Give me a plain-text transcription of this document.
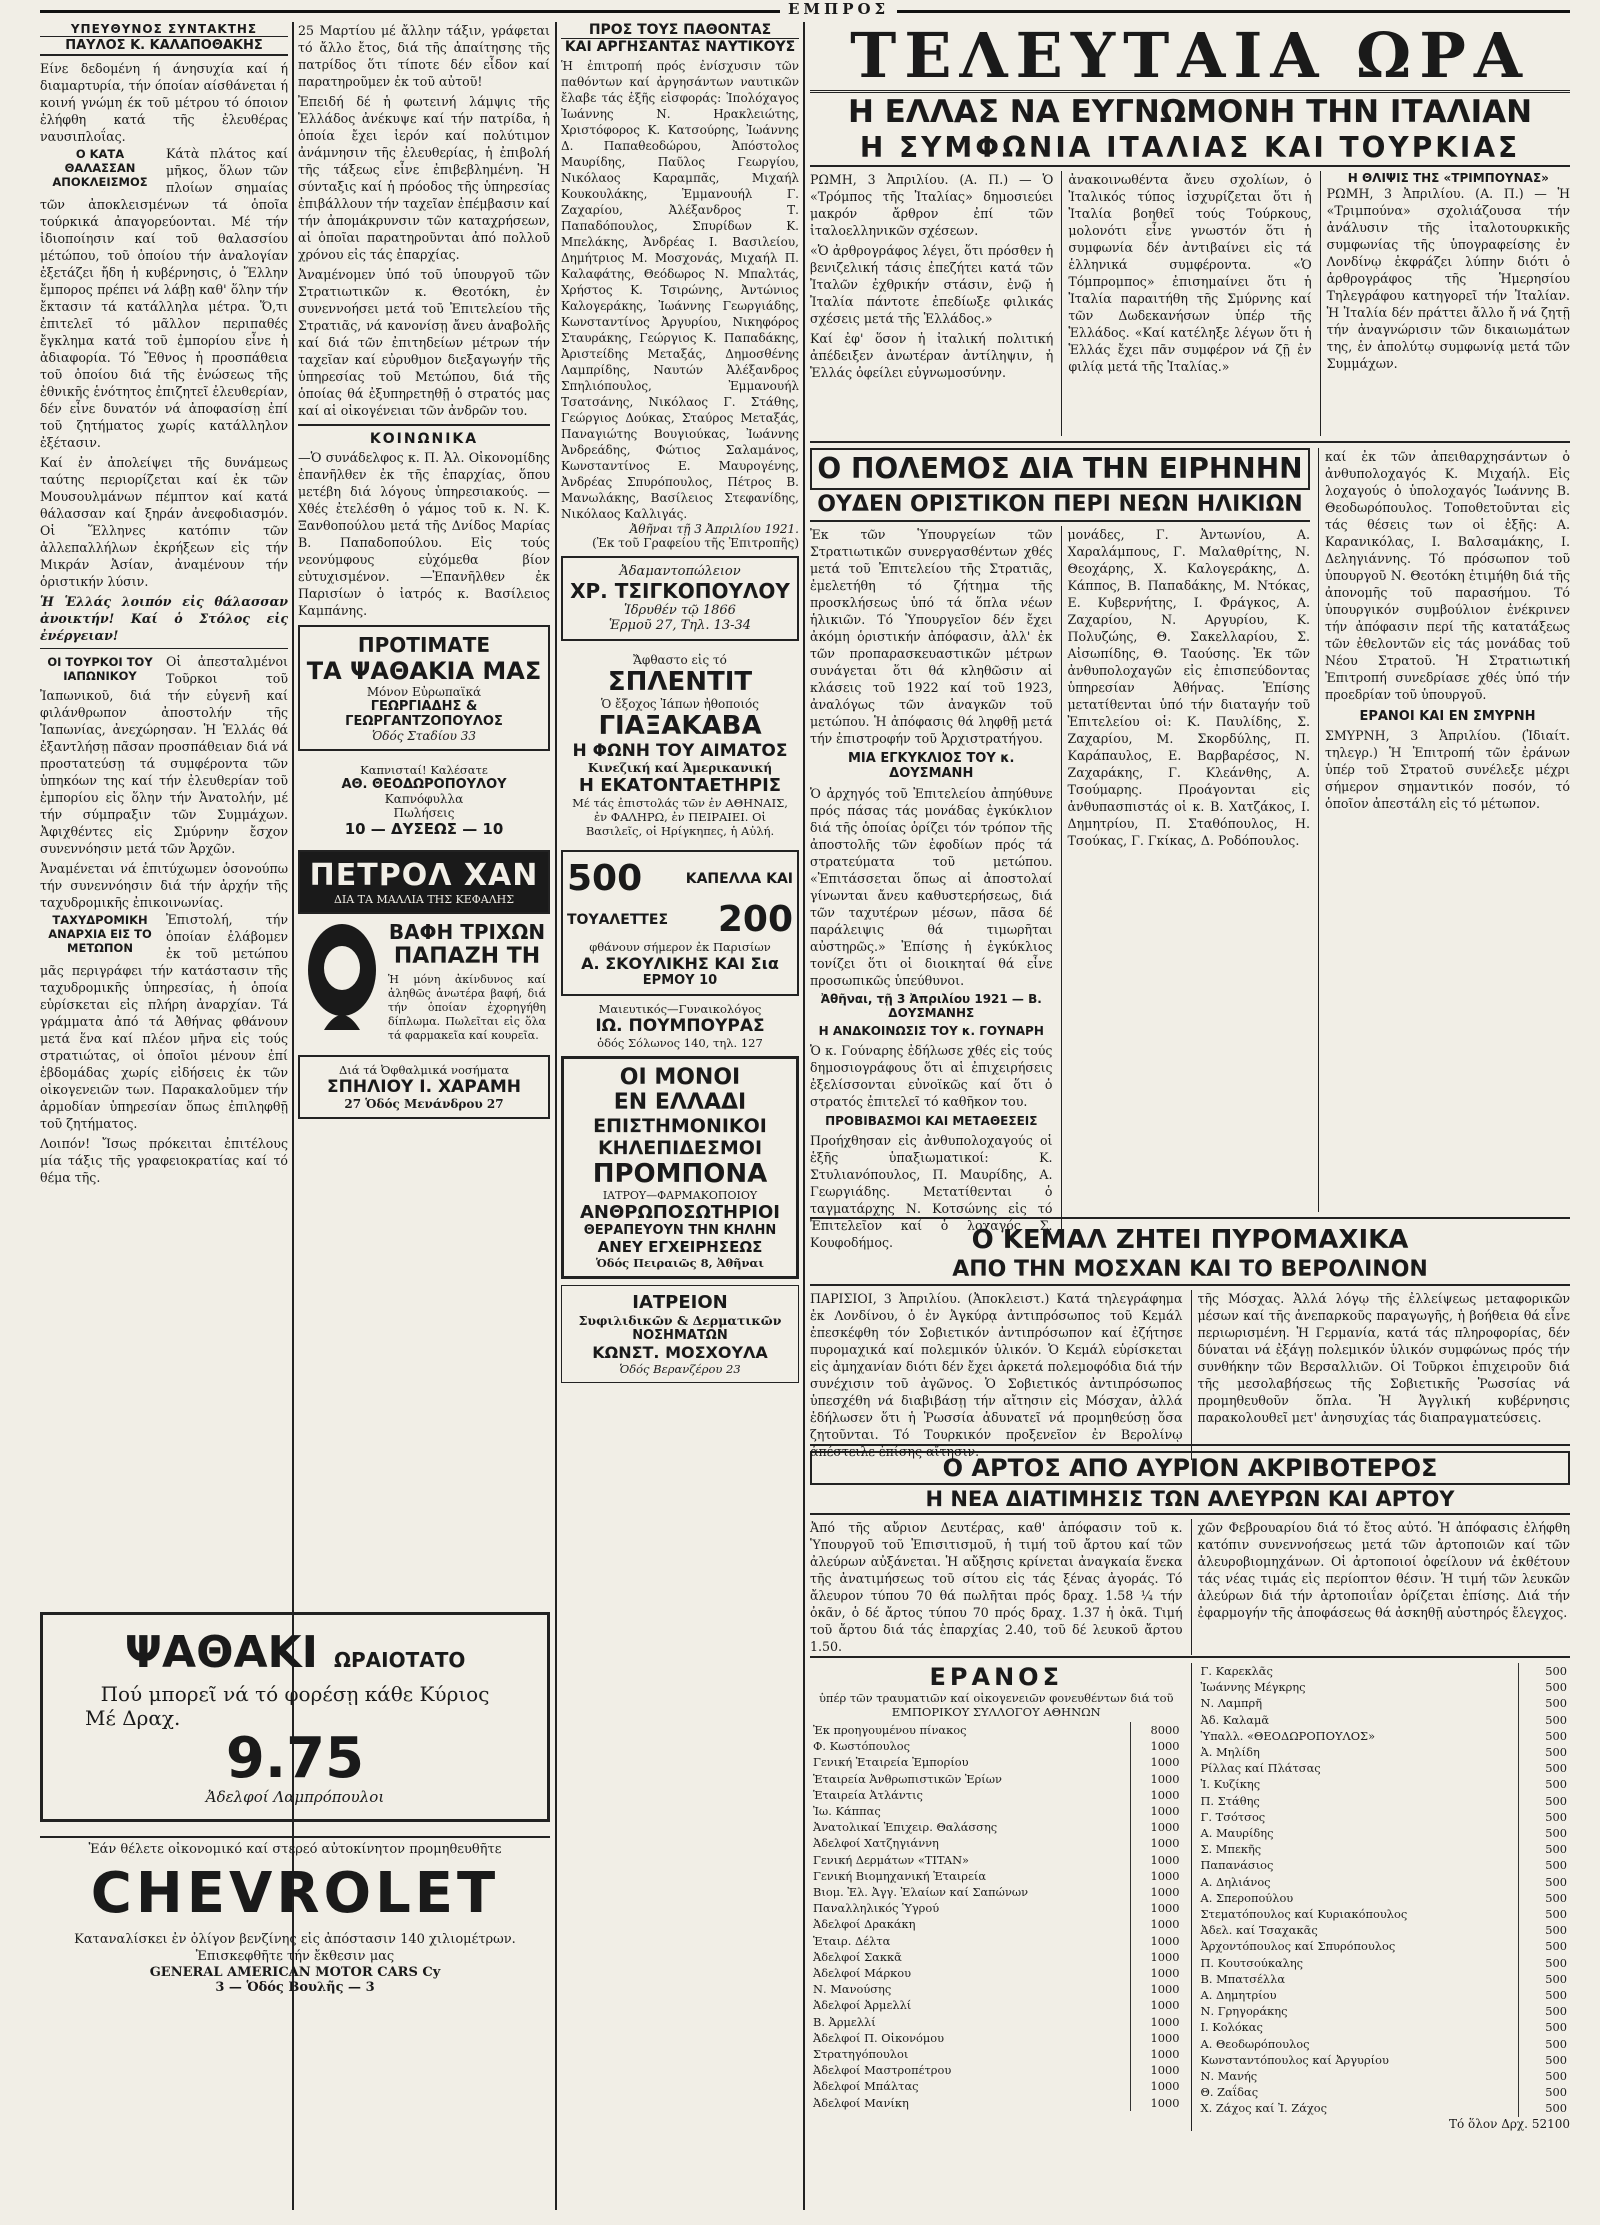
ΕΜΠΡΟΣ
ΥΠΕΥΘΥΝΟΣ ΣΥΝΤΑΚΤΗΣ
ΠΑΥΛΟΣ Κ. ΚΑΛΑΠΟΘΑΚΗΣ

Είνε δεδομένη ή άνησυχία καί ή διαμαρτυρία, τήν όποίαν αίσθάνεται ή κοινή γνώμη έκ τοῦ μέτρου τό όποιον ἐλήφθη κατά τῆς ἐλευθέρας ναυσιπλοΐας.

Ο ΚΑΤΑ ΘΑΛΑΣΣΑΝ ΑΠΟΚΛΕΙΣΜΟΣ

Κάτὰ πλάτος καί μῆκος, ὅλων τῶν πλοίων σημαίας τῶν ἀποκλεισμένων τά ὁποῖα τούρκικά ἀπαγορεύονται. Μέ τήν ἰδιοποίησιν καί τοῦ θαλασσίου μέτώπου, τοῦ ὁποίου τήν ἀναλογίαν ἐξετάζει ἤδη ἡ κυβέρνησις, ὁ Ἕλλην ἔμπορος πρέπει νά λάβῃ καθ' ὅλην τήν ἔκτασιν τά κατάλληλα μέτρα. Ὅ,τι ἐπιτελεῖ τό μᾶλλον περιπαθές ἔγκλημα κατά τοῦ ἐμπορίου εἶνε ἡ ἀδιαφορία. Τό Ἔθνος ἡ προσπάθεια τοῦ ὁποίου διά τῆς ἑνώσεως τῆς ἐθνικῆς ἑνότητος ἐπιζητεῖ ἐλευθερίαν, δέν εἶνε δυνατόν νά ἀποφασίσῃ ἐπί τοῦ ζητήματος χωρίς κατάλληλον ἐξέτασιν.

Καί ἐν ἀπολείψει τῆς δυνάμεως ταύτης περιορίζεται καί ἐκ τῶν Μουσουλμάνων πέμπτον καί κατά θάλασσαν καί ξηράν ἀνεφοδιασμόν. Οἱ Ἕλληνες κατόπιν τῶν ἀλλεπαλλήλων ἐκρήξεων εἰς τήν Μικράν Ἀσίαν, ἀναμένουν τήν ὁριστικήν λύσιν.

Ἡ Ἑλλάς λοιπόν εἰς θάλασσαν ἀνοικτήν! Καί ὁ Στόλος εἰς ἐνέργειαν!

ΟΙ ΤΟΥΡΚΟΙ ΤΟΥ ΙΑΠΩΝΙΚΟΥ

Οἱ ἀπεσταλμένοι Τοῦρκοι τοῦ Ἰαπωνικοῦ, διά τήν εὐγενῆ καί φιλάνθρωπον ἀποστολήν τῆς Ἰαπωνίας, ἀνεχώρησαν. Ἡ Ἑλλάς θά ἐξαντλήσῃ πᾶσαν προσπάθειαν διά νά προστατεύσῃ τά συμφέροντα τῶν ὑπηκόων της καί τήν ἐλευθερίαν τοῦ ἐμπορίου εἰς ὅλην τήν Ἀνατολήν, μέ τήν σύμπραξιν τῶν Συμμάχων. Ἀφιχθέντες εἰς Σμύρνην ἔσχον συνεννόησιν μετά τῶν Ἀρχῶν.

Ἀναμένεται νά ἐπιτύχωμεν ὁσονούπω τήν συνεννόησιν διά τήν ἀρχήν τῆς ταχυδρομικῆς ἐπικοινωνίας.

ΤΑΧΥΔΡΟΜΙΚΗ ΑΝΑΡΧΙΑ ΕΙΣ ΤΟ ΜΕΤΩΠΟΝ

Ἐπιστολή, τήν ὁποίαν ἐλάβομεν ἐκ τοῦ μετώπου μᾶς περιγράφει τήν κατάστασιν τῆς ταχυδρομικῆς ὑπηρεσίας, ἡ ὁποία εὑρίσκεται εἰς πλήρη ἀναρχίαν. Τά γράμματα ἀπό τά Ἀθήνας φθάνουν μετά ἕνα καί πλέον μῆνα εἰς τούς στρατιώτας, οἱ ὁποῖοι μένουν ἐπί ἑβδομάδας χωρίς εἰδήσεις ἐκ τῶν οἰκογενειῶν των. Παρακαλοῦμεν τήν ἁρμοδίαν ὑπηρεσίαν ὅπως ἐπιληφθῇ τοῦ ζητήματος.

Λοιπόν! Ἴσως πρόκειται ἐπιτέλους μία τάξις τῆς γραφειοκρατίας καί τό θέμα τῆς.

25 Μαρτίου μέ ἄλλην τάξιν, γράφεται τό ἄλλο ἔτος, διά τῆς ἀπαίτησης τῆς πατρίδος ὅτι τίποτε δέν εἶδον καί παρατηροῦμεν ἐκ τοῦ αὐτοῦ!

Ἐπειδή δέ ἡ φωτεινή λάμψις τῆς Ἑλλάδος ἀνέκυψε καί τήν πατρίδα, ἡ ὁποία ἔχει ἱερόν καί πολύτιμον ἀνάμνησιν τῆς ἐλευθερίας, ἡ ἐπιβολή τῆς τάξεως εἶνε ἐπιβεβλημένη. Ἡ σύνταξις καί ἡ πρόοδος τῆς ὑπηρεσίας ἐπιβάλλουν τήν ταχεῖαν ἐπέμβασιν καί τήν ἀπομάκρυνσιν τῶν καταχρήσεων, αἱ ὁποῖαι παρατηροῦνται ἀπό πολλοῦ χρόνου εἰς τάς ἐπαρχίας.

Ἀναμένομεν ὑπό τοῦ ὑπουργοῦ τῶν Στρατιωτικῶν κ. Θεοτόκη, ἐν συνεννοήσει μετά τοῦ Ἐπιτελείου τῆς Στρατιᾶς, νά κανονίσῃ ἄνευ ἀναβολῆς καί διά τῶν ἐπιτηδείων μέτρων τήν ταχεῖαν καί εὐρυθμον διεξαγωγήν τῆς ὑπηρεσίας τοῦ Μετώπου, διά τῆς ὁποίας θά ἐξυπηρετηθῇ ὁ στρατός μας καί αἱ οἰκογένειαι τῶν ἀνδρῶν του.

ΚΟΙΝΩΝΙΚΑ

—Ὁ συνάδελφος κ. Π. Ἀλ. Οἰκονομίδης ἐπανῆλθεν ἐκ τῆς ἐπαρχίας, ὅπου μετέβη διά λόγους ὑπηρεσιακούς. —Χθές ἐτελέσθη ὁ γάμος τοῦ κ. Ν. Κ. Ξανθοπούλου μετά τῆς Δνίδος Μαρίας Β. Παπαδοπούλου. Εἰς τούς νεονύμφους εὐχόμεθα βίον εὐτυχισμένον. —Ἐπανῆλθεν ἐκ Παρισίων ὁ ἰατρός κ. Βασίλειος Καμπάνης.

ΠΡΟΤΙΜΑΤΕ
ΤΑ ΨΑΘΑΚΙΑ ΜΑΣ
Μόνον Εὐρωπαϊκά
ΓΕΩΡΓΙΑΔΗΣ & ΓΕΩΡΓΑΝΤΖΟΠΟΥΛΟΣ
Ὁδός Σταδίου 33
Καπνισταί! Καλέσατε
ΑΘ. ΘΕΟΔΩΡΟΠΟΥΛΟΥ
Καπνόφυλλα
Πωλήσεις
10 — ΔΥΣΕΩΣ — 10
ΠΕΤΡΟΛ ΧΑΝ
ΔΙΑ ΤΑ ΜΑΛΛΙΑ ΤΗΣ ΚΕΦΑΛΗΣ
ΒΑΦΗ ΤΡΙΧΩΝ
ΠΑΠΑΖΗ ΤΗ

Ἡ μόνη ἀκίνδυνος καί ἀληθῶς ἀνωτέρα βαφή, διά τήν ὁποίαν ἐχορηγήθη δίπλωμα. Πωλεῖται εἰς ὅλα τά φαρμακεῖα καί κουρεῖα.

Διά τά Ὀφθαλμικά νοσήματα
ΣΠΗΛΙΟΥ Ι. ΧΑΡΑΜΗ
27 Ὁδός Μενάνδρου 27
ΨΑΘΑΚΙ ΩΡΑΙΟΤΑΤΟ
Πού μπορεῖ νά τό φορέσῃ κάθε Κύριος
Μέ Δραχ.
9.75
Ἀδελφοί Λαμπρόπουλοι
Ἐάν θέλετε οἰκονομικό καί στερεό αὐτοκίνητον προμηθευθῆτε
CHEVROLET
Καταναλίσκει ἐν ὀλίγον βενζίνης εἰς ἀπόστασιν 140 χιλιομέτρων. Ἐπισκεφθῆτε τήν ἔκθεσιν μας
GENERAL AMERICAN MOTOR CARS Cy
3 — Ὁδός Βουλῆς — 3
ΠΡΟΣ ΤΟΥΣ ΠΑΘΟΝΤΑΣ
ΚΑΙ ΑΡΓΗΣΑΝΤΑΣ ΝΑΥΤΙΚΟΥΣ

Ἡ ἐπιτροπή πρός ἐνίσχυσιν τῶν παθόντων καί ἀργησάντων ναυτικῶν ἔλαβε τάς ἑξῆς εἰσφοράς: Ἱπολόχαγος Ἰωάννης Ν. Ηρακλειώτης, Χριστόφορος Κ. Κατσούρης, Ἰωάννης Δ. Παπαθεοδώρου, Ἀπόστολος Μαυρίδης, Παῦλος Γεωργίου, Νικόλαος Καραμπᾶς, Μιχαήλ Κουκουλάκης, Ἐμμανουήλ Γ. Ζαχαρίου, Ἀλέξανδρος Τ. Παπαδόπουλος, Σπυρίδων Κ. Μπελάκης, Ἀνδρέας Ι. Βασιλείου, Δημήτριος Μ. Μοσχονάς, Μιχαήλ Π. Καλαφάτης, Θεόδωρος Ν. Μπαλτάς, Χρήστος Κ. Τσιρώνης, Ἀντώνιος Καλογεράκης, Ἰωάννης Γεωργιάδης, Κωνσταντίνος Ἀργυρίου, Νικηφόρος Σταυράκης, Γεώργιος Κ. Παπαδάκης, Ἀριστείδης Μεταξάς, Δημοσθένης Λαμπρίδης, Ναυτών Ἀλέξανδρος Σπηλιόπουλος, Ἐμμανουήλ Τσατσάνης, Νικόλαος Γ. Στάθης, Γεώργιος Δούκας, Σταύρος Μεταξάς, Παναγιώτης Βουγιούκας, Ἰωάννης Ἀνδρεάδης, Φώτιος Σαλαμάνος, Κωνσταντίνος Ε. Μαυρογένης, Ἀνδρέας Σπυρόπουλος, Πέτρος Β. Μανωλάκης, Βασίλειος Στεφανίδης, Νικόλαος Καλλιγάς.

Ἀθῆναι τῇ 3 Ἀπριλίου 1921.
(Ἐκ τοῦ Γραφείου τῆς Ἐπιτροπῆς)
Ἀδαμαντοπώλειον
ΧΡ. ΤΣΙΓΚΟΠΟΥΛΟΥ
Ἱδρυθέν τῷ 1866
Ἑρμοῦ 27, Τηλ. 13-34
Ἄφθαστο εἰς τό
ΣΠΛΕΝΤΙΤ
Ὁ ἔξοχος Ἰάπων ἠθοποιός
ΓΙΑΞΑΚΑΒΑ
Η ΦΩΝΗ ΤΟΥ ΑΙΜΑΤΟΣ
Κινεζική καί Ἀμερικανική
Η ΕΚΑΤΟΝΤΑΕΤΗΡΙΣ
Μέ τάς ἐπιστολάς τῶν ἐν ΑΘΗΝΑΙΣ, ἐν ΦΑΛΗΡΩ, ἐν ΠΕΙΡΑΙΕΙ. Οἱ Βασιλεῖς, οἱ Ηρίγκηπες, ἡ Αὐλή.
500	ΚΑΠΕΛΛΑ ΚΑΙ
ΤΟΥΑΛΕΤΤΕΣ 200
φθάνουν σήμερον ἐκ Παρισίων
Α. ΣΚΟΥΛΙΚΗΣ ΚΑΙ Σια
ΕΡΜΟΥ 10
Μαιευτικός—Γυναικολόγος
ΙΩ. ΠΟΥΜΠΟΥΡΑΣ
ὁδός Σόλωνος 140, τηλ. 127
ΟΙ ΜΟΝΟΙ
ΕΝ ΕΛΛΑΔΙ
ΕΠΙΣΤΗΜΟΝΙΚΟΙ
ΚΗΛΕΠΙΔΕΣΜΟΙ
ΠΡΟΜΠΟΝΑ
ΙΑΤΡΟΥ—ΦΑΡΜΑΚΟΠΟΙΟΥ
ΑΝΘΡΩΠΟΣΩΤΗΡΙΟΙ
ΘΕΡΑΠΕΥΟΥΝ ΤΗΝ ΚΗΛΗΝ
ΑΝΕΥ ΕΓΧΕΙΡΗΣΕΩΣ
Ὁδός Πειραιῶς 8, Ἀθῆναι
ΙΑΤΡΕΙΟΝ
Συφιλιδικῶν & Δερματικῶν
ΝΟΣΗΜΑΤΩΝ
ΚΩΝΣΤ. ΜΟΣΧΟΥΛΑ
Ὁδός Βερανζέρου 23
ΤΕΛΕΥΤΑΙΑ ΩΡΑ
Η ΕΛΛΑΣ ΝΑ ΕΥΓΝΩΜΟΝΗ ΤΗΝ ΙΤΑΛΙΑΝ
Η ΣΥΜΦΩΝΙΑ ΙΤΑΛΙΑΣ ΚΑΙ ΤΟΥΡΚΙΑΣ

ΡΩΜΗ, 3 Ἀπριλίου. (Α. Π.) — Ὁ «Τρόμπος τῆς Ἰταλίας» δημοσιεύει μακρόν ἄρθρον ἐπί τῶν ἰταλοελληνικῶν σχέσεων.

«Ὁ ἀρθρογράφος λέγει, ὅτι πρόσθεν ἡ βενιζελική τάσις ἐπεζήτει κατά τῶν Ἰταλῶν ἐχθρικήν στάσιν, ἐνῷ ἡ Ἰταλία πάντοτε ἐπεδίωξε φιλικάς σχέσεις μετά τῆς Ἑλλάδος.»

Καί ἐφ' ὅσον ἡ ἰταλική πολιτική ἀπέδειξεν ἀνωτέραν ἀντίληψιν, ἡ Ἑλλάς ὀφείλει εὐγνωμοσύνην.

ἀνακοινωθέντα ἄνευ σχολίων, ὁ Ἰταλικός τύπος ἰσχυρίζεται ὅτι ἡ Ἰταλία βοηθεῖ τούς Τούρκους, μολονότι εἶνε γνωστόν ὅτι ἡ συμφωνία δέν ἀντιβαίνει εἰς τά ἑλληνικά συμφέροντα. «Ὁ Τόμπρομπος» ἐπισημαίνει ὅτι ἡ Ἰταλία παραιτήθη τῆς Σμύρνης καί τῶν Δωδεκανήσων ὑπέρ τῆς Ἑλλάδος. «Καί κατέληξε λέγων ὅτι ἡ Ἑλλάς ἔχει πᾶν συμφέρον νά ζῇ ἐν φιλίᾳ μετά τῆς Ἰταλίας.»

Η ΘΛΙΨΙΣ ΤΗΣ «ΤΡΙΜΠΟΥΝΑΣ»

ΡΩΜΗ, 3 Ἀπριλίου. (Α. Π.) — Ἡ «Τριμπούνα» σχολιάζουσα τήν ἀνάλυσιν τῆς ἰταλοτουρκικῆς συμφωνίας τῆς ὑπογραφείσης ἐν Λονδίνῳ ἐκφράζει λύπην διότι ὁ ἀρθρογράφος τῆς Ἡμερησίου Τηλεγράφου κατηγορεῖ τήν Ἰταλίαν. Ἡ Ἰταλία δέν πράττει ἄλλο ἤ νά ζητῇ τήν ἀναγνώρισιν τῶν δικαιωμάτων της, ἐν ἀπολύτῳ συμφωνίᾳ μετά τῶν Συμμάχων.

Ο ΠΟΛΕΜΟΣ ΔΙΑ ΤΗΝ ΕΙΡΗΝΗΝ
ΟΥΔΕΝ ΟΡΙΣΤΙΚΟΝ ΠΕΡΙ ΝΕΩΝ ΗΛΙΚΙΩΝ

Ἐκ τῶν Ὑπουργείων τῶν Στρατιωτικῶν συνεργασθέντων χθές μετά τοῦ Ἐπιτελείου τῆς Στρατιᾶς, ἐμελετήθη τό ζήτημα τῆς προσκλήσεως ὑπό τά ὅπλα νέων ἡλικιῶν. Τό Ὑπουργεῖον δέν ἔχει ἀκόμη ὁριστικήν ἀπόφασιν, ἀλλ' ἐκ τῶν προπαρασκευαστικῶν μέτρων συνάγεται ὅτι θά κληθῶσιν αἱ κλάσεις τοῦ 1922 καί τοῦ 1923, ἀναλόγως τῶν ἀναγκῶν τοῦ μετώπου. Ἡ ἀπόφασις θά ληφθῇ μετά τήν ἐπιστροφήν τοῦ Ἀρχιστρατήγου.

ΜΙΑ ΕΓΚΥΚΛΙΟΣ ΤΟΥ κ. ΔΟΥΣΜΑΝΗ

Ὁ ἀρχηγός τοῦ Ἐπιτελείου ἀπηύθυνε πρός πάσας τάς μονάδας ἐγκύκλιον διά τῆς ὁποίας ὁρίζει τόν τρόπον τῆς ἀποστολῆς τῶν ἐφοδίων πρός τά στρατεύματα τοῦ μετώπου. «Ἐπιτάσσεται ὅπως αἱ ἀποστολαί γίνωνται ἄνευ καθυστερήσεως, διά τῶν ταχυτέρων μέσων, πᾶσα δέ παράλειψις θά τιμωρῆται αὐστηρῶς.» Ἐπίσης ἡ ἐγκύκλιος τονίζει ὅτι οἱ διοικηταί θά εἶνε προσωπικῶς ὑπεύθυνοι.

Ἀθῆναι, τῇ 3 Ἀπριλίου 1921 — Β. ΔΟΥΣΜΑΝΗΣ
Η ΑΝΔΚΟΙΝΩΣΙΣ ΤΟΥ κ. ΓΟΥΝΑΡΗ

Ὁ κ. Γούναρης ἐδήλωσε χθές εἰς τούς δημοσιογράφους ὅτι αἱ ἐπιχειρήσεις ἐξελίσσονται εὐνοϊκῶς καί ὅτι ὁ στρατός ἐπιτελεῖ τό καθῆκον του.

ΠΡΟΒΙΒΑΣΜΟΙ ΚΑΙ ΜΕΤΑΘΕΣΕΙΣ

Προήχθησαν εἰς ἀνθυπολοχαγούς οἱ ἑξῆς ὑπαξιωματικοί: Κ. Στυλιανόπουλος, Π. Μαυρίδης, Α. Γεωργιάδης. Μετατίθενται ὁ ταγματάρχης Ν. Κοτσώνης εἰς τό Ἐπιτελεῖον καί ὁ λοχαγός Σ. Κουφοδήμος.

μονάδες, Γ. Ἀντωνίου, Α. Χαραλάμπους, Γ. Μαλαθρίτης, Ν. Θεοχάρης, Χ. Καλογεράκης, Δ. Κάππος, Β. Παπαδάκης, Μ. Ντόκας, Ε. Κυβερνήτης, Ι. Φράγκος, Α. Ζαχαρίου, Ν. Αργυρίου, Κ. Πολυζώης, Θ. Σακελλαρίου, Σ. Αἰσωπίδης, Θ. Ταούσης. Ἐκ τῶν ἀνθυπολοχαγῶν εἰς ἐπισπεύδοντας ὑπηρεσίαν Ἀθήνας. Ἐπίσης μετατίθενται ὑπό τήν διαταγήν τοῦ Ἐπιτελείου οἱ: Κ. Παυλίδης, Σ. Ζαχαρίου, Μ. Σκορδύλης, Π. Καράπαυλος, Ε. Βαρβαρέσος, Ν. Ζαχαράκης, Γ. Κλεάνθης, Α. Τσούμαρης. Προάγονται εἰς ἀνθυπασπιστάς οἱ κ. Β. Χατζάκος, Ι. Δημητρίου, Π. Σταθόπουλος, Η. Τσούκας, Γ. Γκίκας, Δ. Ροδόπουλος.

καί ἐκ τῶν ἀπειθαρχησάντων ὁ ἀνθυπολοχαγός Κ. Μιχαήλ. Εἰς λοχαγούς ὁ ὑπολοχαγός Ἰωάννης Β. Θεοδωρόπουλος. Τοποθετοῦνται εἰς τάς θέσεις των οἱ ἑξῆς: Α. Καρανικόλας, Ι. Βαλσαμάκης, Ι. Δεληγιάννης. Τό πρόσωπον τοῦ ὑπουργοῦ Ν. Θεοτόκη ἐτιμήθη διά τῆς ἀπονομῆς τοῦ παρασήμου. Τό ὑπουργικόν συμβούλιον ἐνέκρινεν τήν ἀπόφασιν περί τῆς κατατάξεως τῶν ἐθελοντῶν εἰς τάς μονάδας τοῦ Νέου Στρατοῦ. Ἡ Στρατιωτική Ἐπιτροπή συνεδρίασε χθές ὑπό τήν προεδρίαν τοῦ ὑπουργοῦ.

ΕΡΑΝΟΙ ΚΑΙ ΕΝ ΣΜΥΡΝΗ

ΣΜΥΡΝΗ, 3 Ἀπριλίου. (Ἰδιαίτ. τηλεγρ.) Ἡ Ἐπιτροπή τῶν ἐράνων ὑπέρ τοῦ Στρατοῦ συνέλεξε μέχρι σήμερον σημαντικόν ποσόν, τό ὁποῖον ἀπεστάλη εἰς τό μέτωπον.

Ο ΚΕΜΑΛ ΖΗΤΕΙ ΠΥΡΟΜΑΧΙΚΑ
ΑΠΟ ΤΗΝ ΜΟΣΧΑΝ ΚΑΙ ΤΟ ΒΕΡΟΛΙΝΟΝ

ΠΑΡΙΣΙΟΙ, 3 Ἀπριλίου. (Ἀποκλειστ.) Κατά τηλεγράφημα ἐκ Λονδίνου, ὁ ἐν Ἀγκύρᾳ ἀντιπρόσωπος τοῦ Κεμάλ ἐπεσκέφθη τόν Σοβιετικόν ἀντιπρόσωπον καί ἐζήτησε πυρομαχικά καί πολεμικόν ὑλικόν. Ὁ Κεμάλ εὑρίσκεται εἰς ἀμηχανίαν διότι δέν ἔχει ἀρκετά πολεμοφόδια διά τήν συνέχισιν τοῦ ἀγῶνος. Ὁ Σοβιετικός ἀντιπρόσωπος ὑπεσχέθη νά διαβιβάσῃ τήν αἴτησιν εἰς Μόσχαν, ἀλλά ἐδήλωσεν ὅτι ἡ Ῥωσσία ἀδυνατεῖ νά προμηθεύσῃ ὅσα ζητοῦνται. Τό Τουρκικόν προξενεῖον ἐν Βερολίνῳ ἀπέστειλε ἐπίσης αἴτησιν.

τῆς Μόσχας. Ἀλλά λόγῳ τῆς ἐλλείψεως μεταφορικῶν μέσων καί τῆς ἀνεπαρκοῦς παραγωγῆς, ἡ βοήθεια θά εἶνε περιωρισμένη. Ἡ Γερμανία, κατά τάς πληροφορίας, δέν δύναται νά ἐξάγῃ πολεμικόν ὑλικόν συμφώνως πρός τήν συνθήκην τῶν Βερσαλλιῶν. Οἱ Τοῦρκοι ἐπιχειροῦν διά τῆς μεσολαβήσεως τῆς Σοβιετικῆς Ῥωσσίας νά προμηθευθοῦν ὅπλα. Ἡ Ἀγγλική κυβέρνησις παρακολουθεῖ μετ' ἀνησυχίας τάς διαπραγματεύσεις.

Ο ΑΡΤΟΣ ΑΠΟ ΑΥΡΙΟΝ ΑΚΡΙΒΟΤΕΡΟΣ
Η ΝΕΑ ΔΙΑΤΙΜΗΣΙΣ ΤΩΝ ΑΛΕΥΡΩΝ ΚΑΙ ΑΡΤΟΥ

Ἀπό τῆς αὔριον Δευτέρας, καθ' ἀπόφασιν τοῦ κ. Ὑπουργοῦ τοῦ Ἐπισιτισμοῦ, ἡ τιμή τοῦ ἄρτου καί τῶν ἀλεύρων αὐξάνεται. Ἡ αὔξησις κρίνεται ἀναγκαία ἕνεκα τῆς ἀνατιμήσεως τοῦ σίτου εἰς τάς ξένας ἀγοράς. Τό ἄλευρον τύπου 70 θά πωλῆται πρός δραχ. 1.58 ¼ τήν ὀκᾶν, ὁ δέ ἄρτος τύπου 70 πρός δραχ. 1.37 ἡ ὀκᾶ. Τιμή τοῦ ἄρτου διά τάς ἐπαρχίας 2.40, τοῦ δέ λευκοῦ ἄρτου 1.50.

χῶν Φεβρουαρίου διά τό ἔτος αὐτό. Ἡ ἀπόφασις ἐλήφθη κατόπιν συνεννοήσεως μετά τῶν ἀρτοποιῶν καί τῶν ἀλευροβιομηχάνων. Οἱ ἀρτοποιοί ὀφείλουν νά ἐκθέτουν τάς νέας τιμάς εἰς περίοπτον θέσιν. Ἡ τιμή τῶν λευκῶν ἀλεύρων διά τήν ἀρτοποιΐαν ὁρίζεται ἐπίσης. Διά τήν ἐφαρμογήν τῆς ἀποφάσεως θά ἀσκηθῇ αὐστηρός ἔλεγχος.

ΕΡΑΝΟΣ
ὑπέρ τῶν τραυματιῶν καί οἰκογενειῶν φονευθέντων διά τοῦ ΕΜΠΟΡΙΚΟΥ ΣΥΛΛΟΓΟΥ ΑΘΗΝΩΝ
Ἐκ προηγουμένου πίνακος	8000
Φ. Κωστόπουλος	1000
Γενική Ἑταιρεία Ἐμπορίου	1000
Ἑταιρεία Ἀνθρωπιστικῶν Ἐρίων	1000
Ἑταιρεία Ἀτλάντις	1000
Ἰω. Κάππας	1000
Ἀνατολικαί Ἐπιχειρ. Θαλάσσης	1000
Ἀδελφοί Χατζηγιάννη	1000
Γενική Δερμάτων «TITAN»	1000
Γενική Βιομηχανική Ἑταιρεία	1000
Βιομ. Ἐλ. Ἀγγ. Ἐλαίων καί Σαπώνων	1000
Παναλληλικός Ὑγρού	1000
Ἀδελφοί Δρακάκη	1000
Ἑταιρ. Δέλτα	1000
Ἀδελφοί Σακκᾶ	1000
Ἀδελφοί Μάρκου	1000
Ν. Μανούσης	1000
Ἀδελφοί Ἀρμελλί	1000
Β. Ἀρμελλί	1000
Ἀδελφοί Π. Οἰκονόμου	1000
Στρατηγόπουλοι	1000
Ἀδελφοί Μαστροπέτρου	1000
Ἀδελφοί Μπάλτας	1000
Ἀδελφοί Μανίκη	1000
Γ. Καρεκλᾶς	500
Ἰωάννης Μέγκρης	500
Ν. Λαμπρῆ	500
Ἀδ. Καλαμᾶ	500
Ὑπαλλ. «ΘΕΟΔΩΡΟΠΟΥΛΟΣ»	500
Ἀ. Μηλίδη	500
Ρίλλας καί Πλάτσας	500
Ἰ. Κυζίκης	500
Π. Στάθης	500
Γ. Τσότσος	500
Α. Μαυρίδης	500
Σ. Μπεκῆς	500
Παπανάσιος	500
Α. Δηλιάνος	500
Α. Σπεροπούλου	500
Στεματόπουλος καί Κυριακόπουλος	500
Ἀδελ. καί Τσαχακᾶς	500
Ἀρχοντόπουλος καί Σπυρόπουλος	500
Π. Κουτσούκαλης	500
Β. Μπατσέλλα	500
Α. Δημητρίου	500
Ν. Γρηγοράκης	500
Ι. Κολόκας	500
Α. Θεοδωρόπουλος	500
Κωνσταντόπουλος καί Ἀργυρίου	500
Ν. Μανής	500
Θ. Ζαΐδας	500
Χ. Ζάχος καί Ἰ. Ζάχος	500
Τό ὅλον Δρχ. 52100
